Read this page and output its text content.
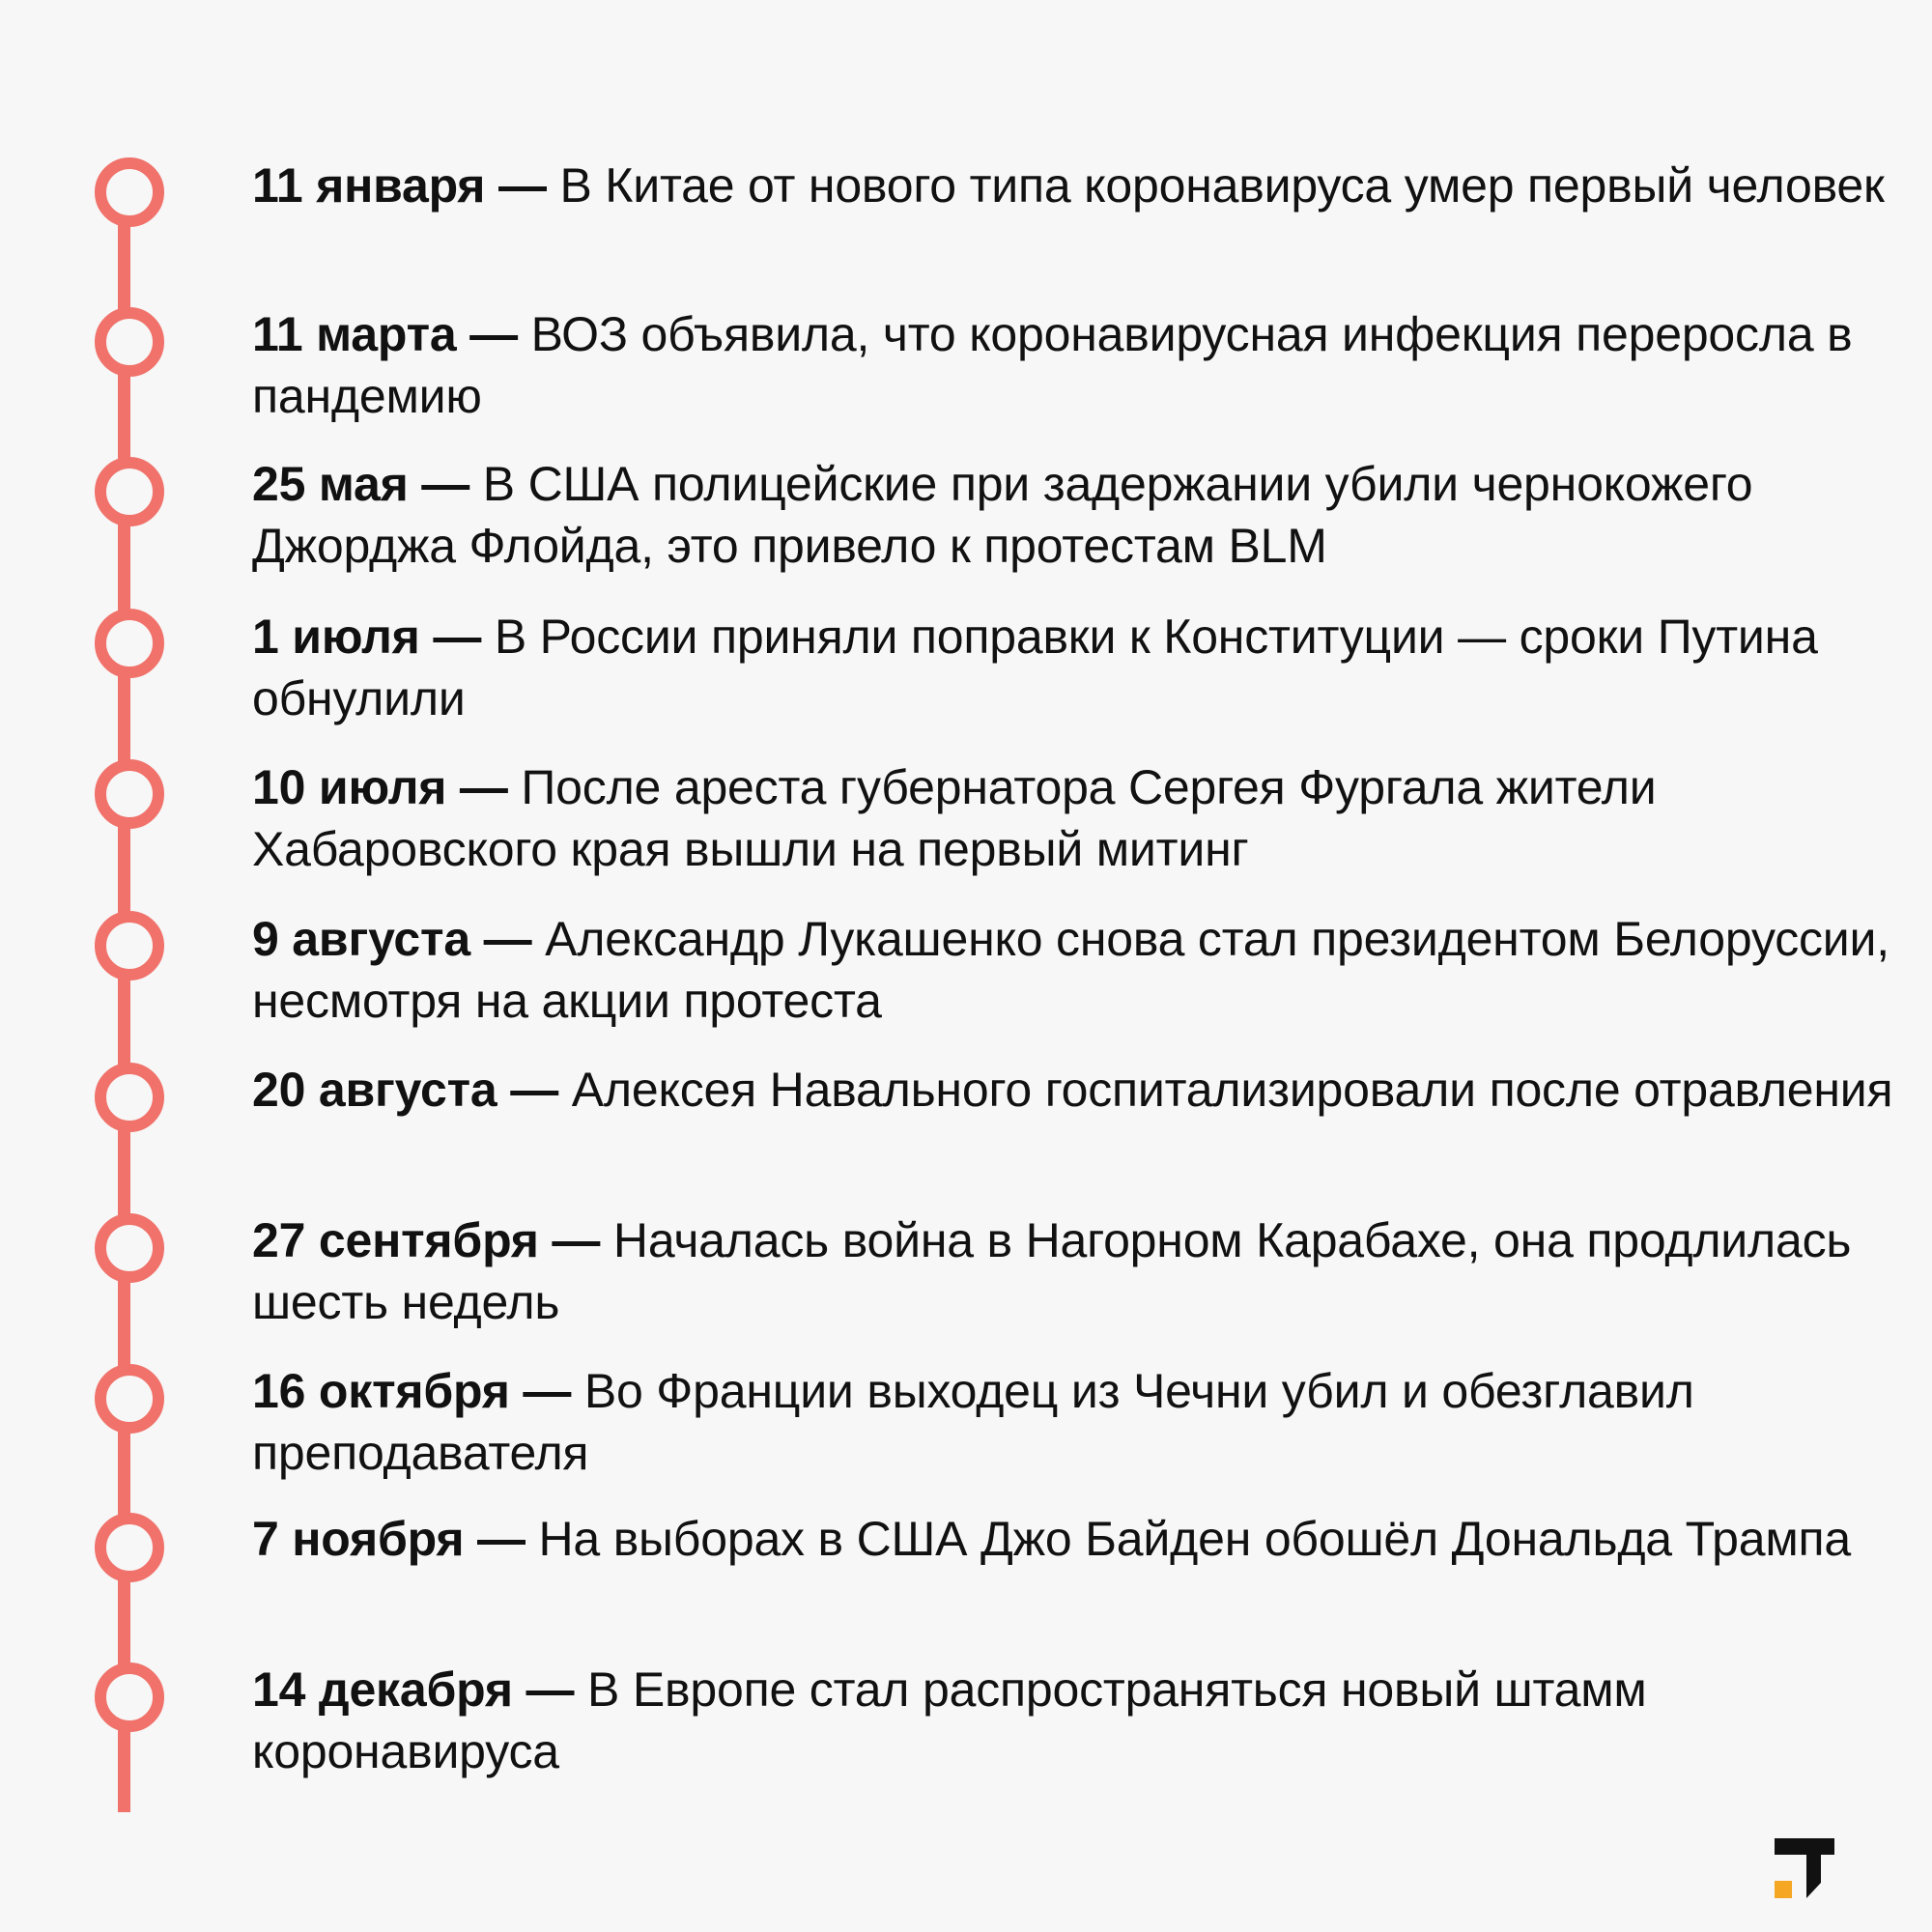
11 января — В Китае от нового типа коронавируса умер первый человек
11 марта — ВОЗ объявила, что коронавирусная инфекция переросла в пандемию
25 мая — В США полицейские при задержании убили чернокожего Джорджа Флойда, это привело к протестам BLM
1 июля — В России приняли поправки к Конституции — сроки Путина обнулили
10 июля — После ареста губернатора Сергея Фургала жители Хабаровского края вышли на первый митинг
9 августа — Александр Лукашенко снова стал президентом Белоруссии, несмотря на акции протеста
20 августа — Алексея Навального госпитализировали после отравления
27 сентября — Началась война в Нагорном Карабахе, она продлилась шесть недель
16 октября — Во Франции выходец из Чечни убил и обезглавил преподавателя
7 ноября — На выборах в США Джо Байден обошёл Дональда Трампа
14 декабря — В Европе стал распространяться новый штамм коронавируса
